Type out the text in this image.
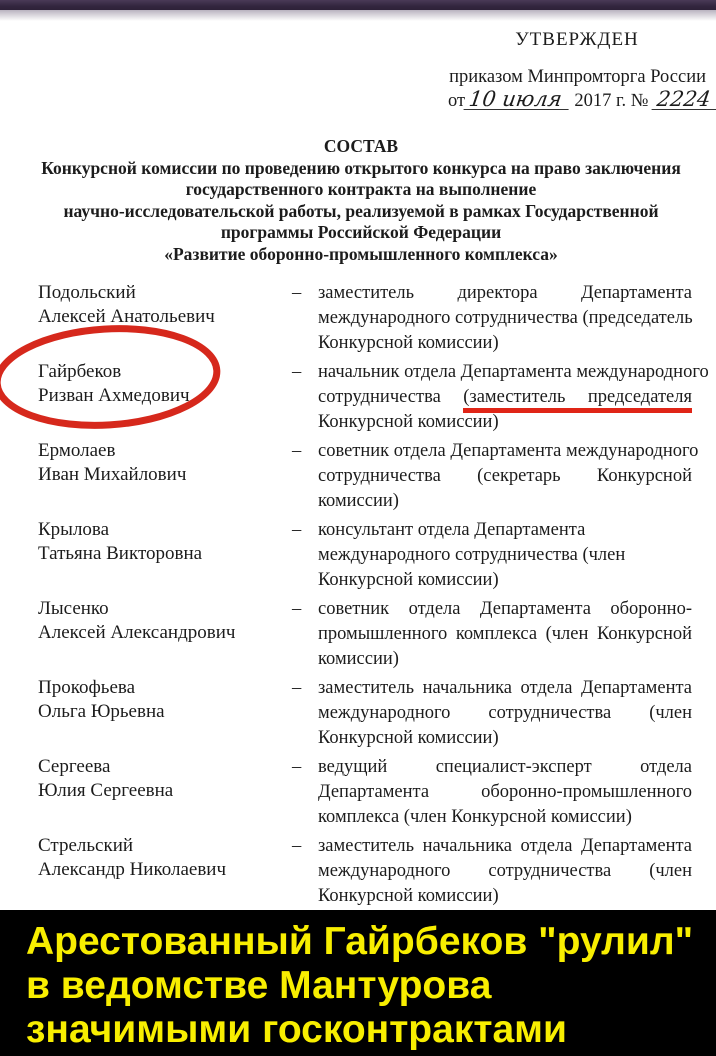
УТВЕРЖДЕН
приказом Минпромторга России
от 10 июля 2017 г. № 2224
СОСТАВ
Конкурсной комиссии по проведению открытого конкурса на право заключения
государственного контракта на выполнение
научно-исследовательской работы, реализуемой в рамках Государственной
программы Российской Федерации
«Развитие оборонно-промышленного комплекса»
Подольский
Алексей Анатольевич
– заместитель директора Департамента
международного сотрудничества (председатель
Конкурсной комиссии)
Гайрбеков
Ризван Ахмедович
– начальник отдела Департамента международного
сотрудничества (заместитель председателя
Конкурсной комиссии)
Ермолаев
Иван Михайлович
– советник отдела Департамента международного
сотрудничества (секретарь Конкурсной
комиссии)
Крылова
Татьяна Викторовна
– консультант отдела Департамента
международного сотрудничества (член
Конкурсной комиссии)
Лысенко
Алексей Александрович
– советник отдела Департамента оборонно-
промышленного комплекса (член Конкурсной
комиссии)
Прокофьева
Ольга Юрьевна
– заместитель начальника отдела Департамента
международного сотрудничества (член
Конкурсной комиссии)
Сергеева
Юлия Сергеевна
– ведущий специалист-эксперт отдела
Департамента оборонно-промышленного
комплекса (член Конкурсной комиссии)
Стрельский
Александр Николаевич
– заместитель начальника отдела Департамента
международного сотрудничества (член
Конкурсной комиссии)
Арестованный Гайрбеков "рулил"
в ведомстве Мантурова
значимыми госконтрактами
